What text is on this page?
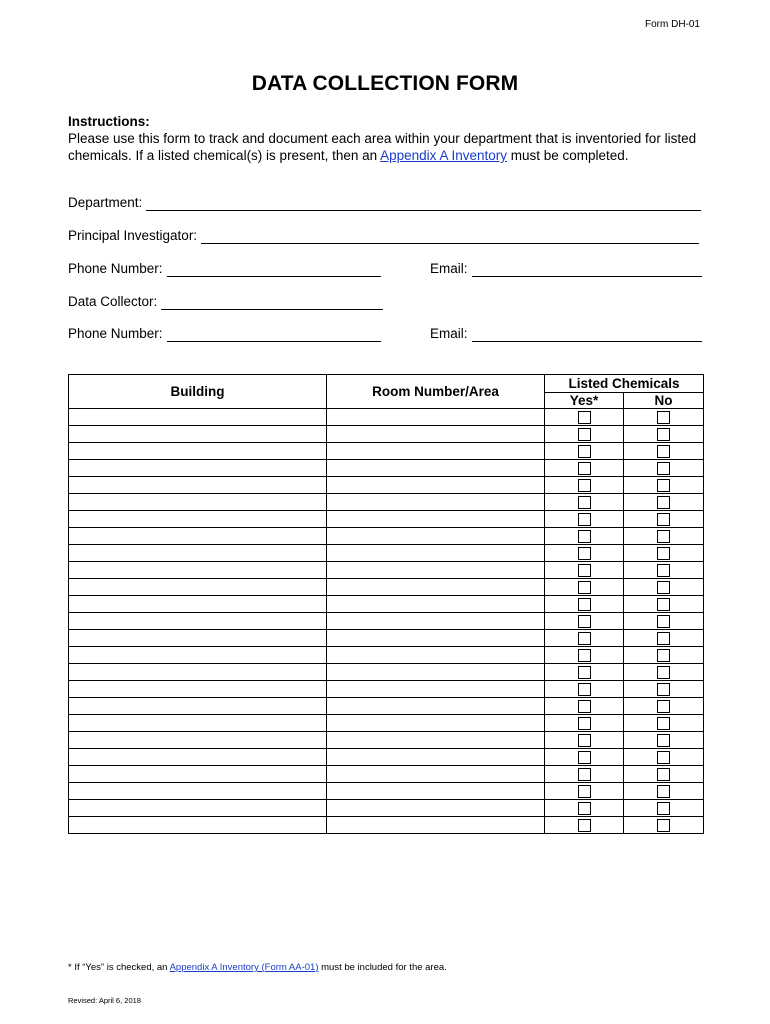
Form DH-01
DATA COLLECTION FORM
Instructions:
Please use this form to track and document each area within your department that is inventoried for listed chemicals. If a listed chemical(s) is present, then an Appendix A Inventory must be completed.
Department:
Principal Investigator:
Phone Number:	Email:
Data Collector:
Phone Number:	Email:
Building	Room Number/Area	Listed Chemicals	
		Yes*	No

* If “Yes” is checked, an Appendix A Inventory (Form AA-01) must be included for the area.
Revised: April 6, 2018
